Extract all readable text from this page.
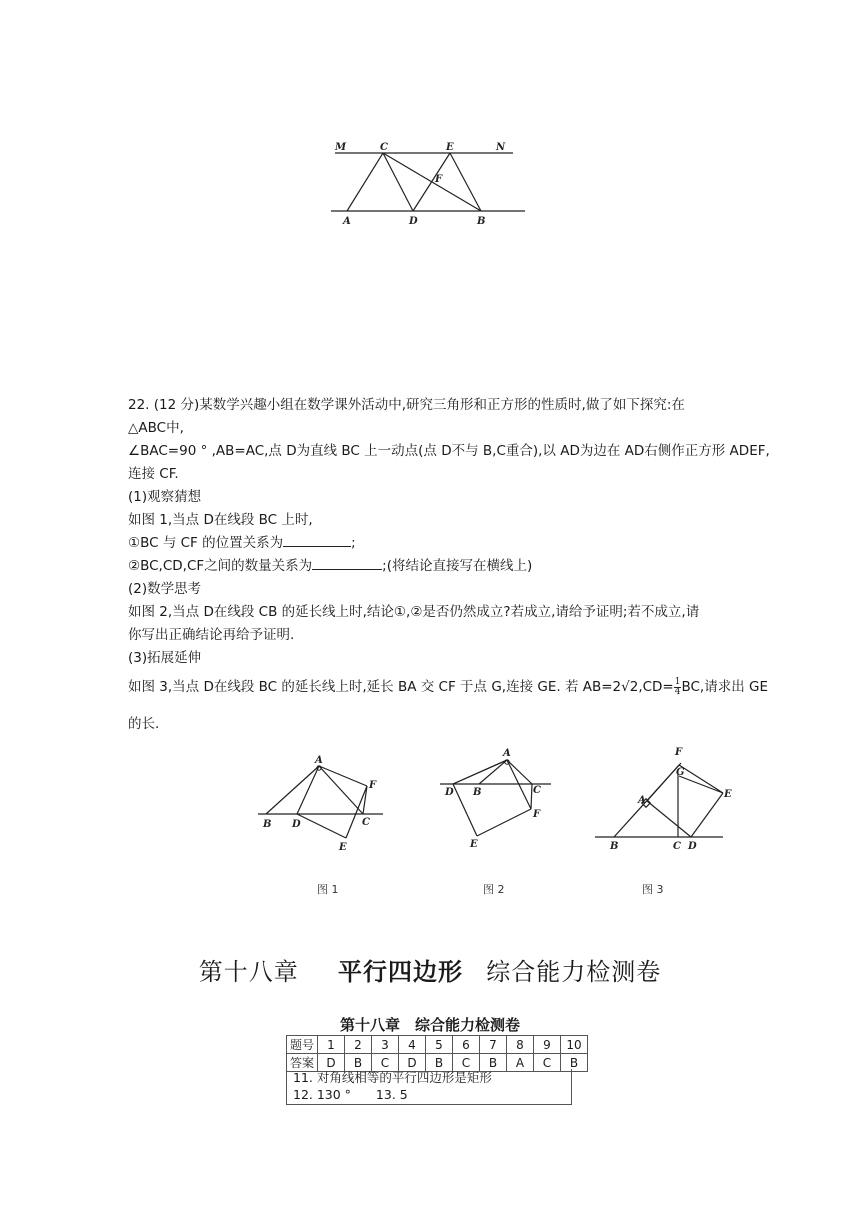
M	C	E	N
F
A	D	B

22. (12 分)某数学兴趣小组在数学课外活动中,研究三角形和正方形的性质时,做了如下探究:在

△ABC中,

∠BAC=90 ° ,AB=AC,点 D为直线 BC 上一动点(点 D不与 B,C重合),以 AD为边在 AD右侧作正方形 ADEF,

连接 CF.

(1)观察猜想

如图 1,当点 D在线段 BC 上时,

①BC 与 CF 的位置关系为	;

②BC,CD,CF之间的数量关系为	;(将结论直接写在横线上)

(2)数学思考

如图 2,当点 D在线段 CB 的延长线上时,结论①,②是否仍然成立?若成立,请给予证明;若不成立,请

你写出正确结论再给予证明.

(3)拓展延伸

如图 3,当点 D在线段 BC 的延长线上时,延长 BA 交 CF 于点 G,连接 GE. 若 $AB=2√2,CD= \frac{1}{4}$ BC,请求出 GE

的长.

A
B D	C
F
E
A
D B	C
F
E
F
G
A
E
B	C D
图 1	图 2	图 3
第十八章 平行四边形 综合能力检测卷
第十八章　综合能力检测卷
题号	1	2	3	4	5	6	7	8	9	10
答案	D	B	C	D	B	C	B	A	C	B
11. 对角线相等的平行四边形是矩形
12. 130 °　　13. 5
